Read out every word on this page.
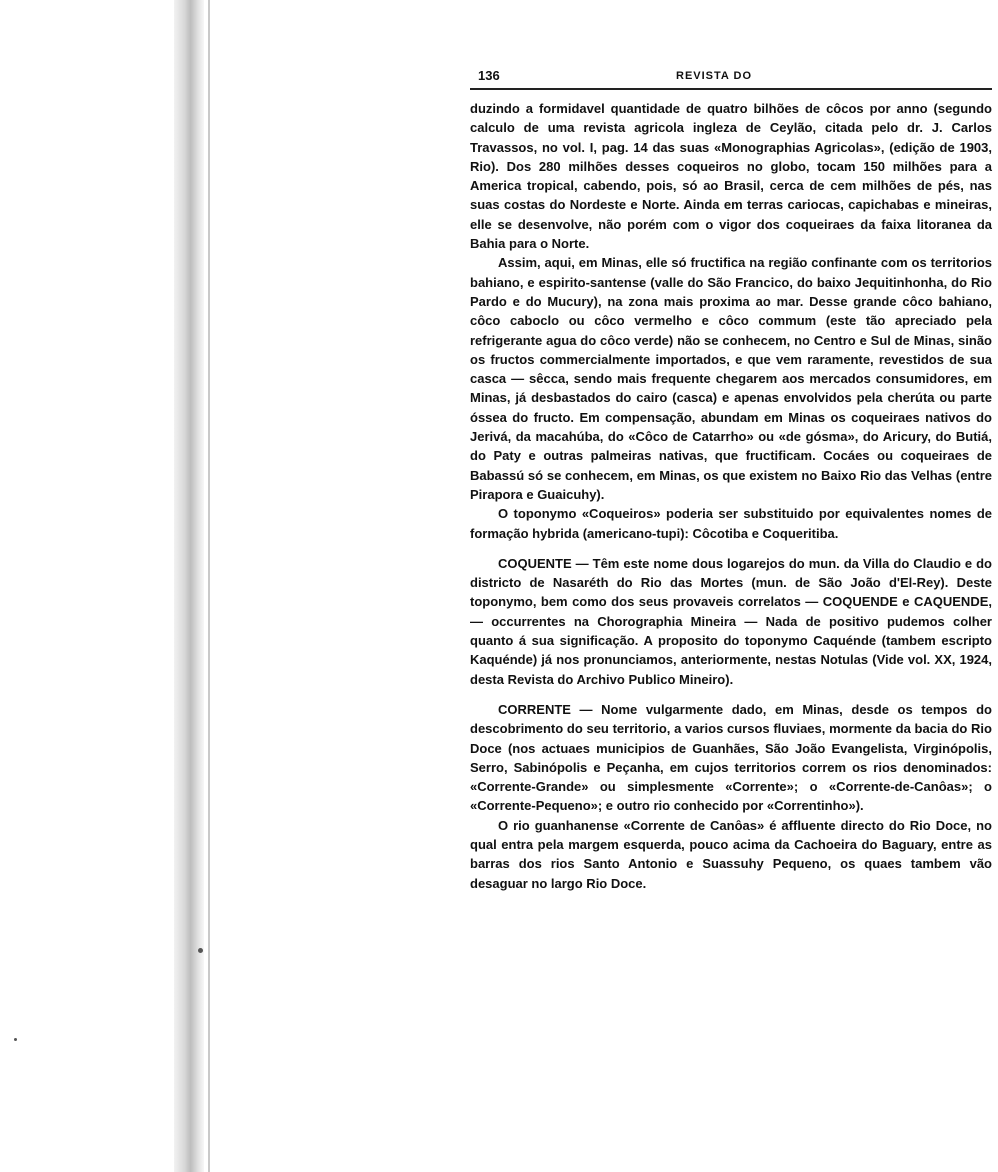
136	REVISTA DO

duzindo a formidavel quantidade de quatro bilhões de côcos por anno (segundo calculo de uma revista agricola ingleza de Ceylão, citada pelo dr. J. Carlos Travassos, no vol. I, pag. 14 das suas «Monographias Agricolas», (edição de 1903, Rio). Dos 280 milhões desses coqueiros no globo, tocam 150 milhões para a America tropical, cabendo, pois, só ao Brasil, cerca de cem milhões de pés, nas suas costas do Nordeste e Norte. Ainda em terras cariocas, capichabas e mineiras, elle se desenvolve, não porém com o vigor dos coqueiraes da faixa litoranea da Bahia para o Norte.

Assim, aqui, em Minas, elle só fructifica na região confinante com os territorios bahiano, e espirito-santense (valle do São Francico, do baixo Jequitinhonha, do Rio Pardo e do Mucury), na zona mais proxima ao mar. Desse grande côco bahiano, côco caboclo ou côco vermelho e côco commum (este tão apreciado pela refrigerante agua do côco verde) não se conhecem, no Centro e Sul de Minas, sinão os fructos commercialmente importados, e que vem raramente, revestidos de sua casca — sêcca, sendo mais frequente chegarem aos mercados consumidores, em Minas, já desbastados do cairo (casca) e apenas envolvidos pela cherúta ou parte óssea do fructo. Em compensação, abundam em Minas os coqueiraes nativos do Jerivá, da macahúba, do «Côco de Catarrho» ou «de gósma», do Aricury, do Butiá, do Paty e outras palmeiras nativas, que fructificam. Cocáes ou coqueiraes de Babassú só se conhecem, em Minas, os que existem no Baixo Rio das Velhas (entre Pirapora e Guaicuhy).

O toponymo «Coqueiros» poderia ser substituido por equivalentes nomes de formação hybrida (americano-tupi): Côcotiba e Coqueritiba.

COQUENTE — Têm este nome dous logarejos do mun. da Villa do Claudio e do districto de Nasaréth do Rio das Mortes (mun. de São João d'El-Rey). Deste toponymo, bem como dos seus provaveis correlatos — COQUENDE e CAQUENDE, — occurrentes na Chorographia Mineira — Nada de positivo pudemos colher quanto á sua significação. A proposito do toponymo Caquénde (tambem escripto Kaquénde) já nos pronunciamos, anteriormente, nestas Notulas (Vide vol. XX, 1924, desta Revista do Archivo Publico Mineiro).

CORRENTE — Nome vulgarmente dado, em Minas, desde os tempos do descobrimento do seu territorio, a varios cursos fluviaes, mormente da bacia do Rio Doce (nos actuaes municipios de Guanhães, São João Evangelista, Virginópolis, Serro, Sabinópolis e Peçanha, em cujos territorios correm os rios denominados: «Corrente-Grande» ou simplesmente «Corrente»; o «Corrente-de-Canôas»; o «Corrente-Pequeno»; e outro rio conhecido por «Correntinho»).

O rio guanhanense «Corrente de Canôas» é affluente directo do Rio Doce, no qual entra pela margem esquerda, pouco acima da Cachoeira do Baguary, entre as barras dos rios Santo Antonio e Suassuhy Pequeno, os quaes tambem vão desaguar no largo Rio Doce.
